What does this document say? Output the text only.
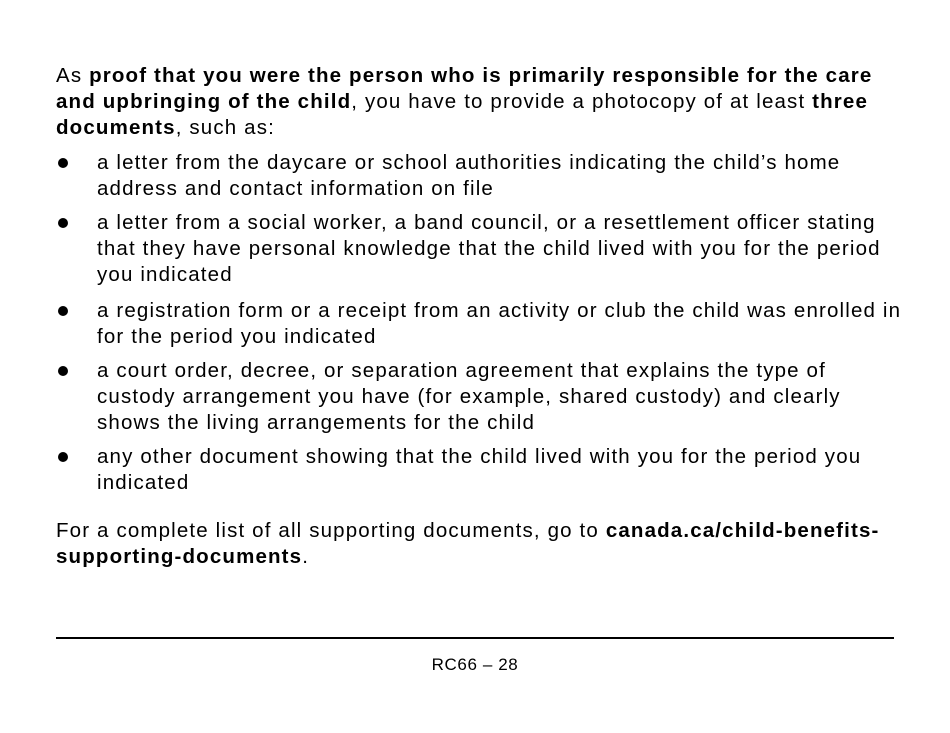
As proof that you were the person who is primarily responsible for the care and upbringing of the child, you have to provide a photocopy of at least three documents, such as:

a letter from the daycare or school authorities indicating the child’s home address and contact information on file
a letter from a social worker, a band council, or a resettlement officer stating that they have personal knowledge that the child lived with you for the period you indicated
a registration form or a receipt from an activity or club the child was enrolled in for the period you indicated
a court order, decree, or separation agreement that explains the type of custody arrangement you have (for example, shared custody) and clearly shows the living arrangements for the child
any other document showing that the child lived with you for the period you indicated

For a complete list of all supporting documents, go to canada.ca/child-benefits-supporting-documents.

RC66 – 28
